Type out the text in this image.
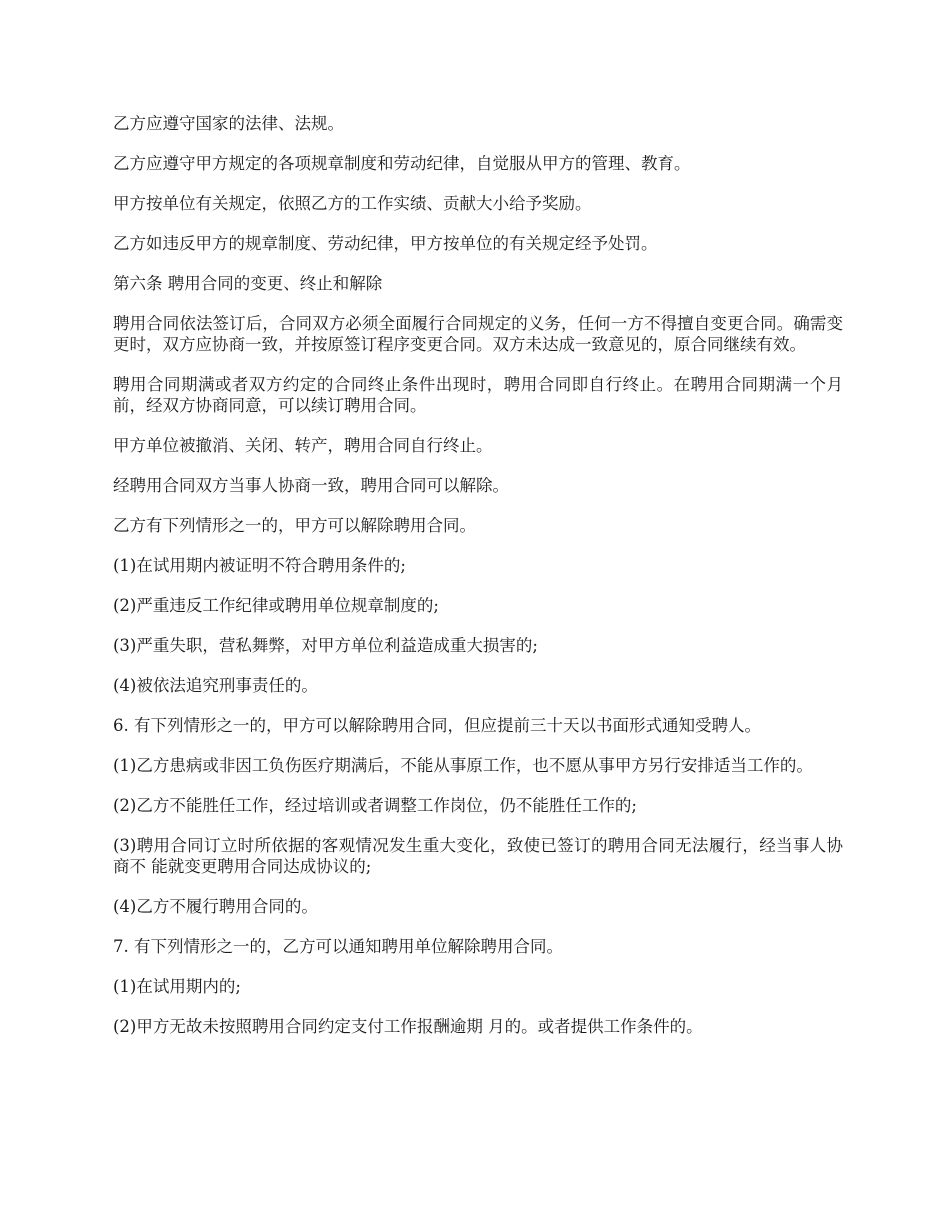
乙方应遵守国家的法律、法规。

乙方应遵守甲方规定的各项规章制度和劳动纪律，自觉服从甲方的管理、教育。

甲方按单位有关规定，依照乙方的工作实绩、贡献大小给予奖励。

乙方如违反甲方的规章制度、劳动纪律，甲方按单位的有关规定经予处罚。

第六条 聘用合同的变更、终止和解除

聘用合同依法签订后，合同双方必须全面履行合同规定的义务，任何一方不得擅自变更合同。确需变更时，双方应协商一致，并按原签订程序变更合同。双方未达成一致意见的，原合同继续有效。

聘用合同期满或者双方约定的合同终止条件出现时，聘用合同即自行终止。在聘用合同期满一个月前，经双方协商同意，可以续订聘用合同。

甲方单位被撤消、关闭、转产，聘用合同自行终止。

经聘用合同双方当事人协商一致，聘用合同可以解除。

乙方有下列情形之一的，甲方可以解除聘用合同。

(1)在试用期内被证明不符合聘用条件的;

(2)严重违反工作纪律或聘用单位规章制度的;

(3)严重失职，营私舞弊，对甲方单位利益造成重大损害的;

(4)被依法追究刑事责任的。

6. 有下列情形之一的，甲方可以解除聘用合同，但应提前三十天以书面形式通知受聘人。

(1)乙方患病或非因工负伤医疗期满后，不能从事原工作，也不愿从事甲方另行安排适当工作的。

(2)乙方不能胜任工作，经过培训或者调整工作岗位，仍不能胜任工作的;

(3)聘用合同订立时所依据的客观情况发生重大变化，致使已签订的聘用合同无法履行，经当事人协商不 能就变更聘用合同达成协议的;

(4)乙方不履行聘用合同的。

7. 有下列情形之一的，乙方可以通知聘用单位解除聘用合同。

(1)在试用期内的;

(2)甲方无故未按照聘用合同约定支付工作报酬逾期 月的。或者提供工作条件的。
